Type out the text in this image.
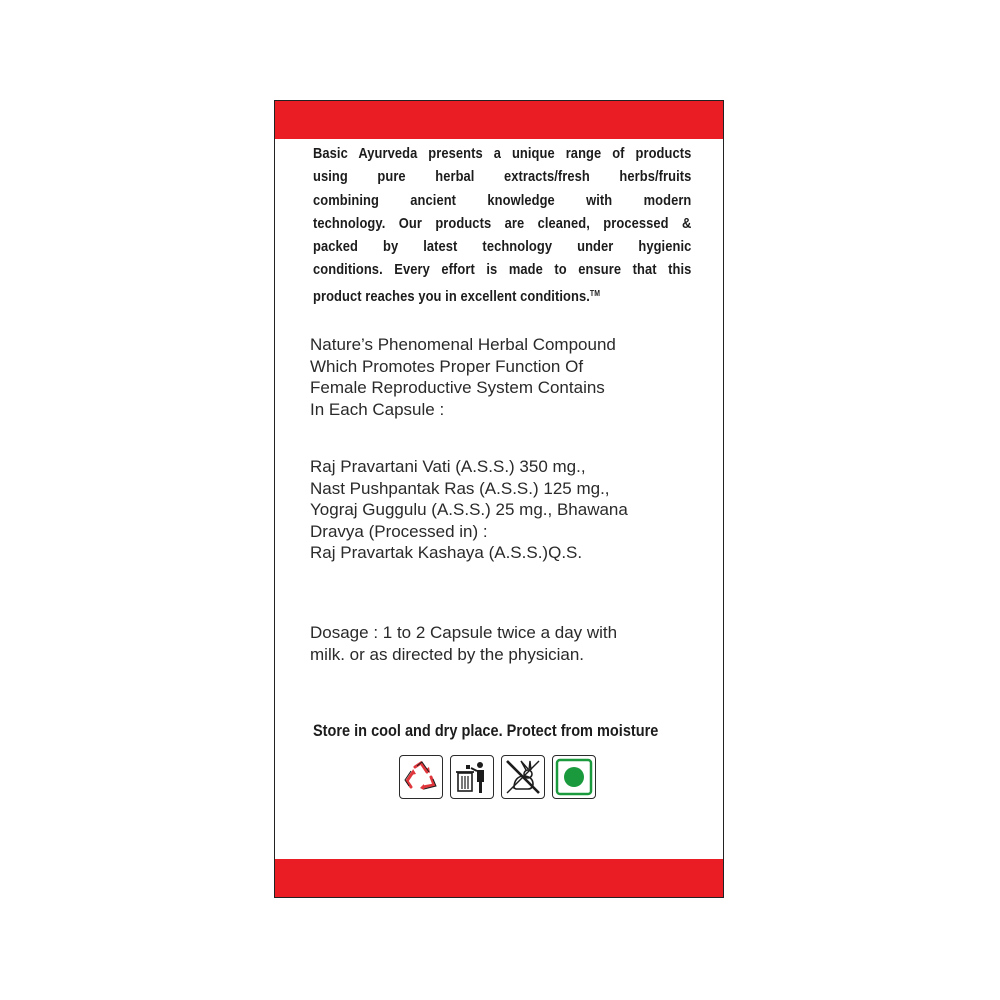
Basic Ayurveda presents a unique range of products

using pure herbal extracts/fresh herbs/fruits

combining ancient knowledge with modern

technology. Our products are cleaned, processed &

packed by latest technology under hygienic

conditions. Every effort is made to ensure that this

product reaches you in excellent conditions.™

Nature’s Phenomenal Herbal Compound

Which Promotes Proper Function Of

Female Reproductive System Contains

In Each Capsule :

Raj Pravartani Vati (A.S.S.) 350 mg.,

Nast Pushpantak Ras (A.S.S.) 125 mg.,

Yograj Guggulu (A.S.S.) 25 mg., Bhawana

Dravya (Processed in) :

Raj Pravartak Kashaya (A.S.S.)Q.S.

Dosage : 1 to 2 Capsule twice a day with

milk. or as directed by the physician.

Store in cool and dry place. Protect from moisture
